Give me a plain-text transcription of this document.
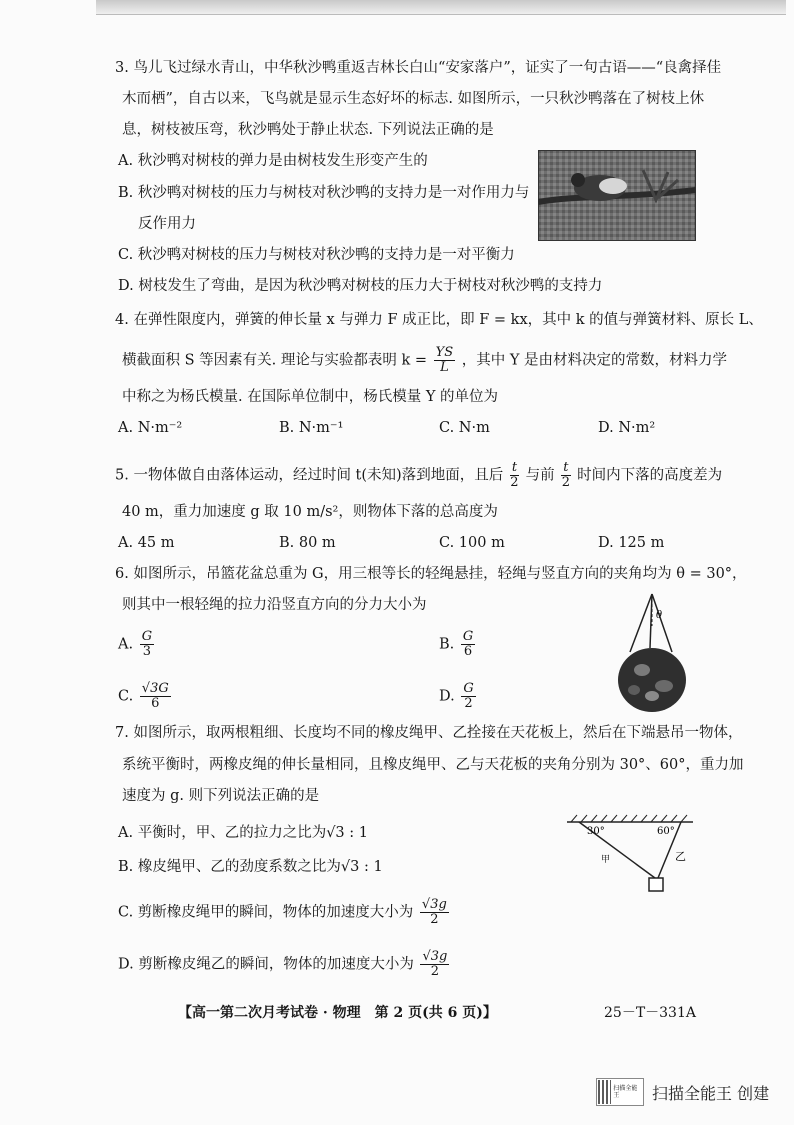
3. 鸟儿飞过绿水青山，中华秋沙鸭重返吉林长白山“安家落户”，证实了一句古语——“良禽择佳
木而栖”，自古以来，飞鸟就是显示生态好坏的标志. 如图所示，一只秋沙鸭落在了树枝上休
息，树枝被压弯，秋沙鸭处于静止状态. 下列说法正确的是
A. 秋沙鸭对树枝的弹力是由树枝发生形变产生的
B. 秋沙鸭对树枝的压力与树枝对秋沙鸭的支持力是一对作用力与
反作用力
C. 秋沙鸭对树枝的压力与树枝对秋沙鸭的支持力是一对平衡力
D. 树枝发生了弯曲，是因为秋沙鸭对树枝的压力大于树枝对秋沙鸭的支持力
4. 在弹性限度内，弹簧的伸长量 x 与弹力 F 成正比，即 F = kx，其中 k 的值与弹簧材料、原长 L、
横截面积 S 等因素有关. 理论与实验都表明 $k = \frac{YS}{L}$ ，其中 Y 是由材料决定的常数，材料力学
中称之为杨氏模量. 在国际单位制中，杨氏模量 Y 的单位为
A. N·m⁻²	B. N·m⁻¹	C. N·m	D. N·m²
5. 一物体做自由落体运动，经过时间 t(未知)落到地面，且后 $\frac{t}{2}$ 与前 $\frac{t}{2}$ 时间内下落的高度差为
40 m，重力加速度 g 取 10 m/s²，则物体下落的总高度为
A. 45 m	B. 80 m	C. 100 m	D. 125 m
6. 如图所示，吊篮花盆总重为 G，用三根等长的轻绳悬挂，轻绳与竖直方向的夹角均为 θ = 30°，
则其中一根轻绳的拉力沿竖直方向的分力大小为
A. $\frac{G}{3}$	B. $\frac{G}{6}$
C. $\frac{√3G}{6}$	D. $\frac{G}{2}$
θ
7. 如图所示，取两根粗细、长度均不同的橡皮绳甲、乙拴接在天花板上，然后在下端悬吊一物体，
系统平衡时，两橡皮绳的伸长量相同，且橡皮绳甲、乙与天花板的夹角分别为 30°、60°，重力加
速度为 g. 则下列说法正确的是
A. 平衡时，甲、乙的拉力之比为√3 : 1
B. 橡皮绳甲、乙的劲度系数之比为√3 : 1
C. 剪断橡皮绳甲的瞬间，物体的加速度大小为 $\frac{√3g}{2}$
D. 剪断橡皮绳乙的瞬间，物体的加速度大小为 $\frac{√3g}{2}$
30°	60°
甲	乙
【高一第二次月考试卷 · 物理　第 2 页(共 6 页)】	25－T－331A
扫描全能王	扫描全能王 创建
